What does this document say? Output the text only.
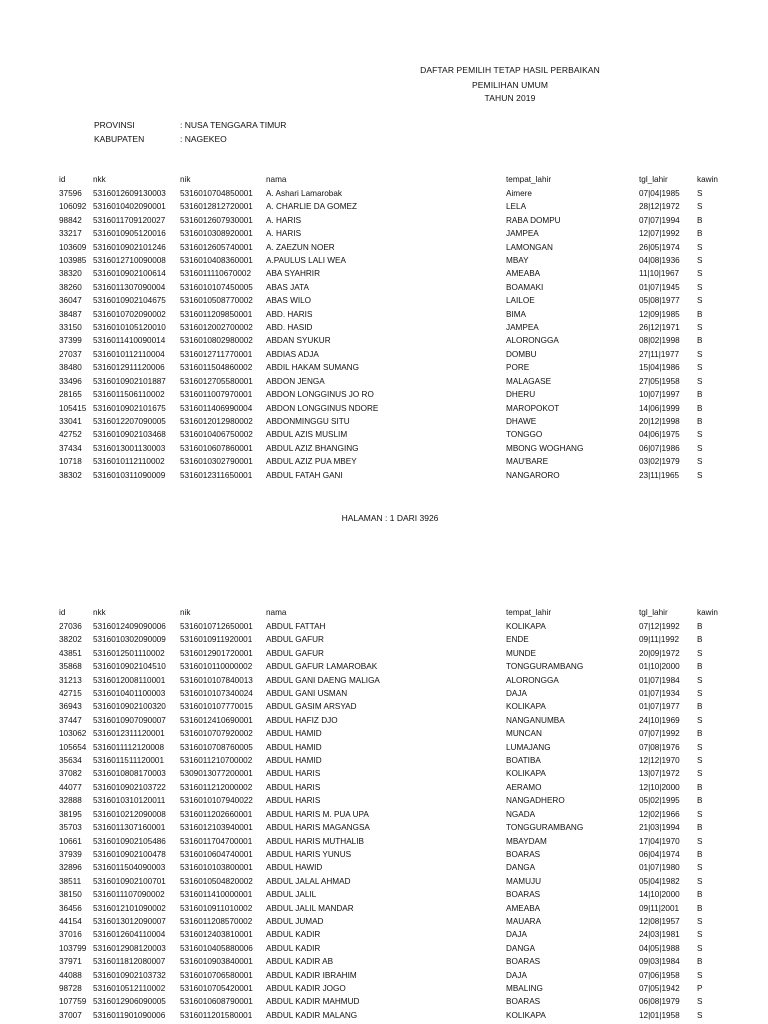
DAFTAR PEMILIH TETAP HASIL PERBAIKAN
PEMILIHAN UMUM
TAHUN 2019
PROVINSI	: NUSA TENGGARA TIMUR
KABUPATEN	: NAGEKEO
id	nkk	nik	nama	tempat_lahir	tgl_lahir	kawin
37596	5316012609130003	5316010704850001	A. Ashari Lamarobak	Aimere	07|04|1985	S
106092	5316010402090001	5316012812720001	A. CHARLIE DA GOMEZ	LELA	28|12|1972	S
98842	5316011709120027	5316012607930001	A. HARIS	RABA DOMPU	07|07|1994	B
33217	5316010905120016	5316010308920001	A. HARIS	JAMPEA	12|07|1992	B
103609	5316010902101246	5316012605740001	A. ZAEZUN NOER	LAMONGAN	26|05|1974	S
103985	5316012710090008	5316010408360001	A.PAULUS LALI WEA	MBAY	04|08|1936	S
38320	5316010902100614	5316011110670002	ABA SYAHRIR	AMEABA	11|10|1967	S
38260	5316011307090004	5316010107450005	ABAS JATA	BOAMAKI	01|07|1945	S
36047	5316010902104675	5316010508770002	ABAS WILO	LAILOE	05|08|1977	S
38487	5316010702090002	5316011209850001	ABD. HARIS	BIMA	12|09|1985	B
33150	5316010105120010	5316012002700002	ABD. HASID	JAMPEA	26|12|1971	S
37399	5316011410090014	5316010802980002	ABDAN SYUKUR	ALORONGGA	08|02|1998	B
27037	5316010112110004	5316012711770001	ABDIAS ADJA	DOMBU	27|11|1977	S
38480	5316012911120006	5316011504860002	ABDIL HAKAM SUMANG	PORE	15|04|1986	S
33496	5316010902101887	5316012705580001	ABDON JENGA	MALAGASE	27|05|1958	S
28165	5316011506110002	5316011007970001	ABDON LONGGINUS JO RO	DHERU	10|07|1997	B
105415	5316010902101675	5316011406990004	ABDON LONGGINUS NDORE	MAROPOKOT	14|06|1999	B
33041	5316012207090005	5316012012980002	ABDONMINGGU SITU	DHAWE	20|12|1998	B
42752	5316010902103468	5316010406750002	ABDUL AZIS MUSLIM	TONGGO	04|06|1975	S
37434	5316013001130003	5316010607860001	ABDUL AZIZ BHANGING	MBONG WOGHANG	06|07|1986	S
10718	5316010112110002	5316010302790001	ABDUL AZIZ PUA MBEY	MAU'BARE	03|02|1979	S
38302	5316010311090009	5316012311650001	ABDUL FATAH GANI	NANGARORO	23|11|1965	S
HALAMAN : 1 DARI 3926
id	nkk	nik	nama	tempat_lahir	tgl_lahir	kawin
27036	5316012409090006	5316010712650001	ABDUL FATTAH	KOLIKAPA	07|12|1992	B
38202	5316010302090009	5316010911920001	ABDUL GAFUR	ENDE	09|11|1992	B
43851	5316012501110002	5316012901720001	ABDUL GAFUR	MUNDE	20|09|1972	S
35868	5316010902104510	5316010110000002	ABDUL GAFUR LAMAROBAK	TONGGURAMBANG	01|10|2000	B
31213	5316012008110001	5316010107840013	ABDUL GANI DAENG MALIGA	ALORONGGA	01|07|1984	S
42715	5316010401100003	5316010107340024	ABDUL GANI USMAN	DAJA	01|07|1934	S
36943	5316010902100320	5316010107770015	ABDUL GASIM ARSYAD	KOLIKAPA	01|07|1977	B
37447	5316010907090007	5316012410690001	ABDUL HAFIZ DJO	NANGANUMBA	24|10|1969	S
103062	5316012311120001	5316010707920002	ABDUL HAMID	MUNCAN	07|07|1992	B
105654	5316011112120008	5316010708760005	ABDUL HAMID	LUMAJANG	07|08|1976	S
35634	5316011511120001	5316011210700002	ABDUL HAMID	BOATIBA	12|12|1970	S
37082	5316010808170003	5309013077200001	ABDUL HARIS	KOLIKAPA	13|07|1972	S
44077	5316010902103722	5316011212000002	ABDUL HARIS	AERAMO	12|10|2000	B
32888	5316010310120011	5316010107940022	ABDUL HARIS	NANGADHERO	05|02|1995	B
38195	5316010212090008	5316011202660001	ABDUL HARIS M. PUA UPA	NGADA	12|02|1966	S
35703	5316011307160001	5316012103940001	ABDUL HARIS MAGANGSA	TONGGURAMBANG	21|03|1994	B
10661	5316010902105486	5316011704700001	ABDUL HARIS MUTHALIB	MBAYDAM	17|04|1970	S
37939	5316010902100478	5316010604740001	ABDUL HARIS YUNUS	BOARAS	06|04|1974	B
32896	5316011504090003	5316010103800001	ABDUL HAWID	DANGA	01|07|1980	S
38511	5316010902100701	5316010504820002	ABDUL JALAL AHMAD	MAMUJU	05|04|1982	S
38150	5316011107090002	5316011410000001	ABDUL JALIL	BOARAS	14|10|2000	B
36456	5316012101090002	5316010911010002	ABDUL JALIL MANDAR	AMEABA	09|11|2001	B
44154	5316013012090007	5316011208570002	ABDUL JUMAD	MAUARA	12|08|1957	S
37016	5316012604110004	5316012403810001	ABDUL KADIR	DAJA	24|03|1981	S
103799	5316012908120003	5316010405880006	ABDUL KADIR	DANGA	04|05|1988	S
37971	5316011812080007	5316010903840001	ABDUL KADIR AB	BOARAS	09|03|1984	B
44088	5316010902103732	5316010706580001	ABDUL KADIR IBRAHIM	DAJA	07|06|1958	S
98728	5316010512110002	5316010705420001	ABDUL KADIR JOGO	MBALING	07|05|1942	P
107759	5316012906090005	5316010608790001	ABDUL KADIR MAHMUD	BOARAS	06|08|1979	S
37007	5316011901090006	5316011201580001	ABDUL KADIR MALANG	KOLIKAPA	12|01|1958	S
